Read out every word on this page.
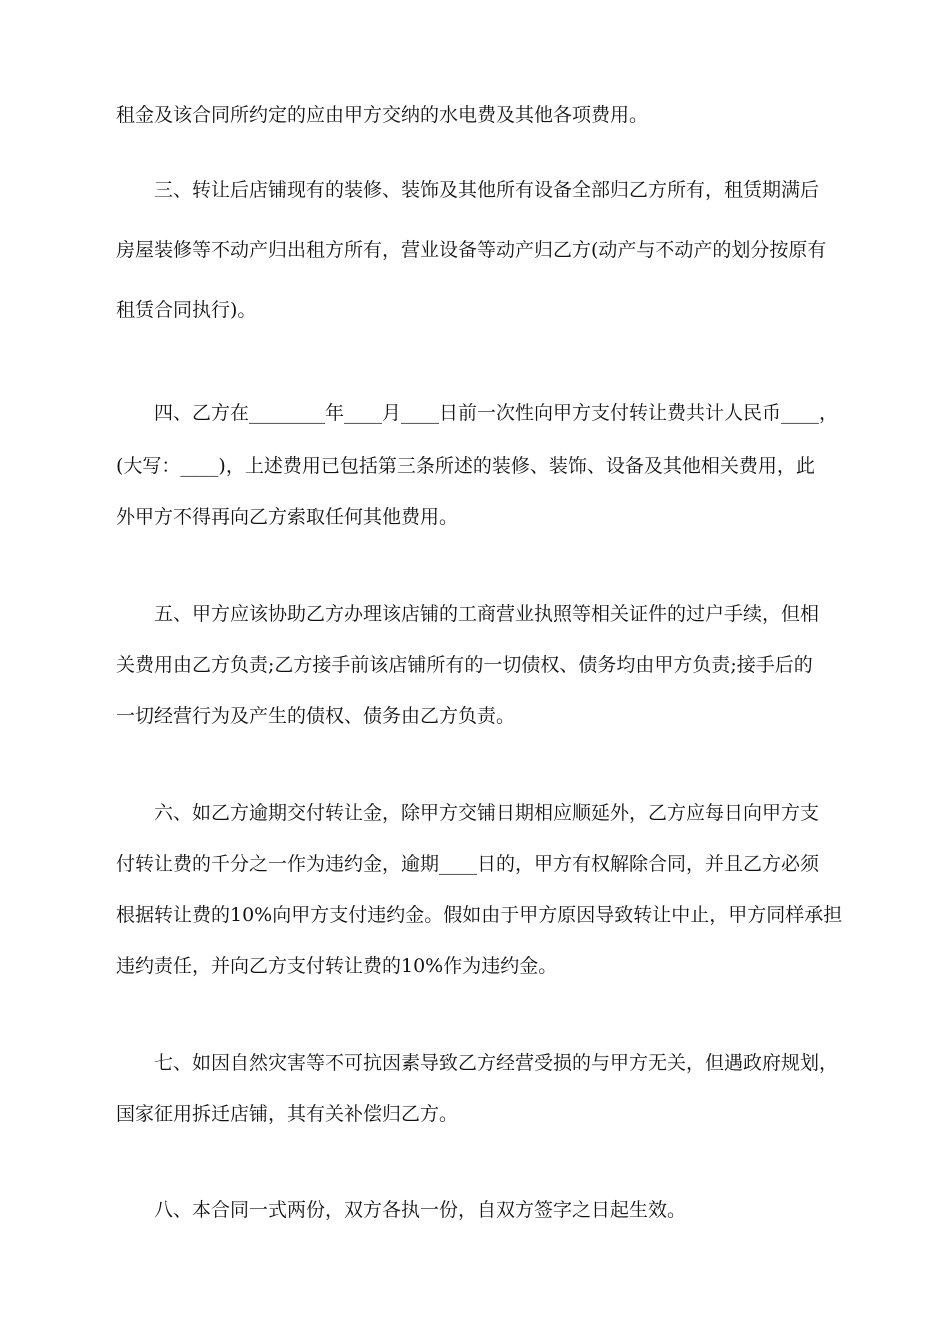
租金及该合同所约定的应由甲方交纳的水电费及其他各项费用。
三、转让后店铺现有的装修、装饰及其他所有设备全部归乙方所有，租赁期满后
房屋装修等不动产归出租方所有，营业设备等动产归乙方(动产与不动产的划分按原有
租赁合同执行)。
四、乙方在________年____月____日前一次性向甲方支付转让费共计人民币____，
(大写：____)，上述费用已包括第三条所述的装修、装饰、设备及其他相关费用，此
外甲方不得再向乙方索取任何其他费用。
五、甲方应该协助乙方办理该店铺的工商营业执照等相关证件的过户手续，但相
关费用由乙方负责;乙方接手前该店铺所有的一切债权、债务均由甲方负责;接手后的
一切经营行为及产生的债权、债务由乙方负责。
六、如乙方逾期交付转让金，除甲方交铺日期相应顺延外，乙方应每日向甲方支
付转让费的千分之一作为违约金，逾期____日的，甲方有权解除合同，并且乙方必须
根据转让费的10%向甲方支付违约金。假如由于甲方原因导致转让中止，甲方同样承担
违约责任，并向乙方支付转让费的10%作为违约金。
七、如因自然灾害等不可抗因素导致乙方经营受损的与甲方无关，但遇政府规划，
国家征用拆迁店铺，其有关补偿归乙方。
八、本合同一式两份，双方各执一份，自双方签字之日起生效。
